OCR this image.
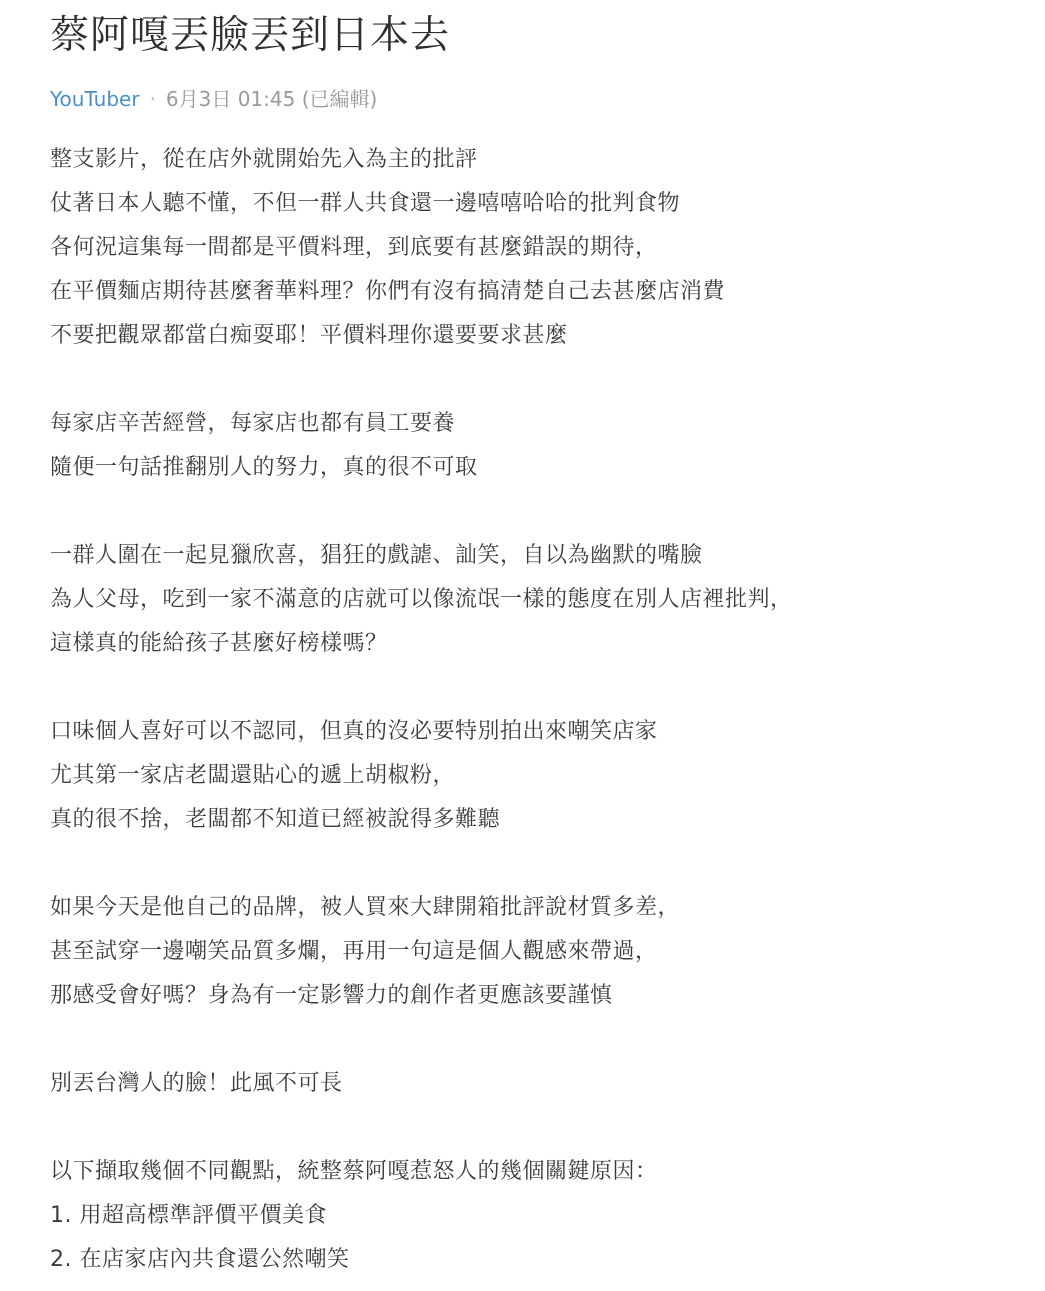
蔡阿嘎丟臉丟到日本去
YouTuber · 6月3日 01:45 (已編輯)
整支影片，從在店外就開始先入為主的批評
仗著日本人聽不懂，不但一群人共食還一邊嘻嘻哈哈的批判食物
各何況這集每一間都是平價料理，到底要有甚麼錯誤的期待，
在平價麵店期待甚麼奢華料理？你們有沒有搞清楚自己去甚麼店消費
不要把觀眾都當白痴耍耶！平價料理你還要要求甚麼
每家店辛苦經營，每家店也都有員工要養
隨便一句話推翻別人的努力，真的很不可取
一群人圍在一起見獵欣喜，猖狂的戲謔、訕笑，自以為幽默的嘴臉
為人父母，吃到一家不滿意的店就可以像流氓一樣的態度在別人店裡批判，
這樣真的能給孩子甚麼好榜樣嗎？
口味個人喜好可以不認同，但真的沒必要特別拍出來嘲笑店家
尤其第一家店老闆還貼心的遞上胡椒粉，
真的很不捨，老闆都不知道已經被說得多難聽
如果今天是他自己的品牌，被人買來大肆開箱批評說材質多差，
甚至試穿一邊嘲笑品質多爛，再用一句這是個人觀感來帶過，
那感受會好嗎？身為有一定影響力的創作者更應該要謹慎
別丟台灣人的臉！此風不可長
以下擷取幾個不同觀點，統整蔡阿嘎惹怒人的幾個關鍵原因：
1. 用超高標準評價平價美食
2. 在店家店內共食還公然嘲笑
